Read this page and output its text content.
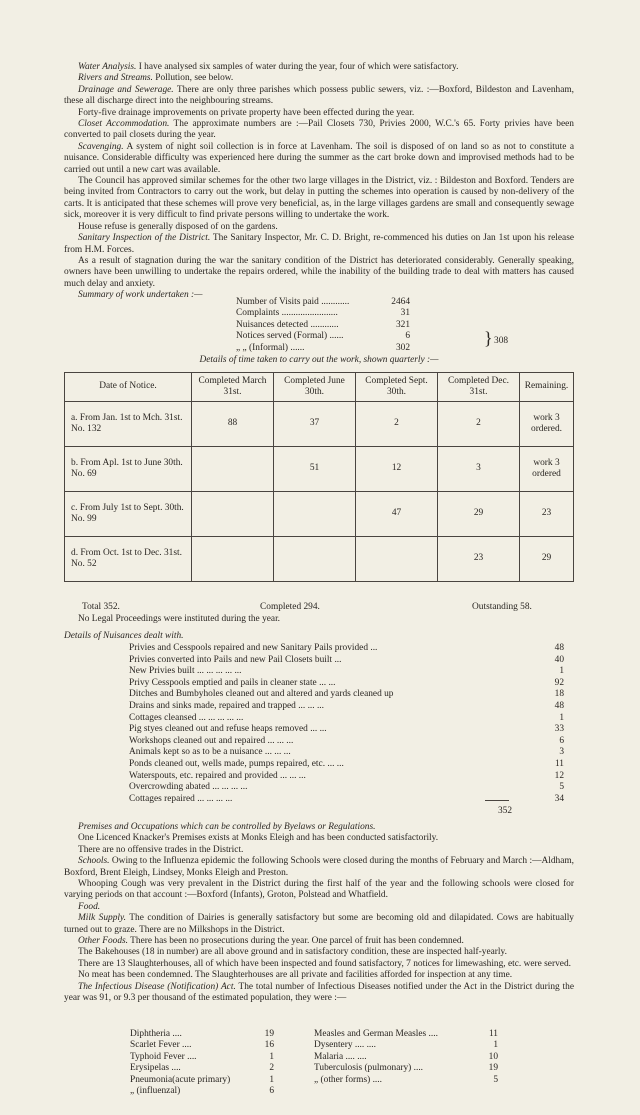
Water Analysis. I have analysed six samples of water during the year, four of which were satisfactory.

Rivers and Streams. Pollution, see below.

Drainage and Sewerage. There are only three parishes which possess public sewers, viz. :—Boxford, Bildeston and Lavenham, these all discharge direct into the neighbouring streams.

Forty-five drainage improvements on private property have been effected during the year.

Closet Accommodation. The approximate numbers are :—Pail Closets 730, Privies 2000, W.C.'s 65. Forty privies have been converted to pail closets during the year.

Scavenging. A system of night soil collection is in force at Lavenham. The soil is disposed of on land so as not to constitute a nuisance. Considerable difficulty was experienced here during the summer as the cart broke down and improvised methods had to be carried out until a new cart was available.

The Council has approved similar schemes for the other two large villages in the District, viz. : Bildeston and Boxford. Tenders are being invited from Contractors to carry out the work, but delay in putting the schemes into operation is caused by non-delivery of the carts. It is anticipated that these schemes will prove very beneficial, as, in the large villages gardens are small and consequently sewage sick, moreover it is very difficult to find private persons willing to undertake the work.

House refuse is generally disposed of on the gardens.

Sanitary Inspection of the District. The Sanitary Inspector, Mr. C. D. Bright, re-commenced his duties on Jan 1st upon his release from H.M. Forces.

As a result of stagnation during the war the sanitary condition of the District has deteriorated considerably. Generally speaking, owners have been unwilling to undertake the repairs ordered, while the inability of the building trade to deal with matters has caused much delay and anxiety.

Summary of work undertaken :—

Number of Visits paid ............	2464
Complaints ........................	31
Nuisances detected ............	321
Notices served (Formal) ......	6
„ „ (Informal) ......	302	} 308
Details of time taken to carry out the work, shown quarterly :—
Date of Notice.	Completed March 31st.	Completed June 30th.	Completed Sept. 30th.	Completed Dec. 31st.	Remaining.
a. From Jan. 1st to Mch. 31st. No. 132	88	37	2	2	work 3 ordered.
b. From Apl. 1st to June 30th. No. 69		51	12	3	work 3 ordered
c. From July 1st to Sept. 30th. No. 99			47	29	23
d. From Oct. 1st to Dec. 31st. No. 52				23	29
Total 352.	Completed 294.	Outstanding 58.

No Legal Proceedings were instituted during the year.

Details of Nuisances dealt with.
Privies and Cesspools repaired and new Sanitary Pails provided ...	48
Privies converted into Pails and new Pail Closets built ...	40
New Privies built ... ... ... ... ...	1
Privy Cesspools emptied and pails in cleaner state ... ...	92
Ditches and Bumbyholes cleaned out and altered and yards cleaned up	18
Drains and sinks made, repaired and trapped ... ... ...	48
Cottages cleansed ... ... ... ... ...	1
Pig styes cleaned out and refuse heaps removed ... ...	33
Workshops cleaned out and repaired ... ... ...	6
Animals kept so as to be a nuisance ... ... ...	3
Ponds cleaned out, wells made, pumps repaired, etc. ... ...	11
Waterspouts, etc. repaired and provided ... ... ...	12
Overcrowding abated ... ... ... ...	5
Cottages repaired ... ... ... ...	34
352

Premises and Occupations which can be controlled by Byelaws or Regulations.

One Licenced Knacker's Premises exists at Monks Eleigh and has been conducted satisfactorily.

There are no offensive trades in the District.

Schools. Owing to the Influenza epidemic the following Schools were closed during the months of February and March :—Aldham, Boxford, Brent Eleigh, Lindsey, Monks Eleigh and Preston.

Whooping Cough was very prevalent in the District during the first half of the year and the following schools were closed for varying periods on that account :—Boxford (Infants), Groton, Polstead and Whatfield.

Food.

Milk Supply. The condition of Dairies is generally satisfactory but some are becoming old and dilapidated. Cows are habitually turned out to graze. There are no Milkshops in the District.

Other Foods. There has been no prosecutions during the year. One parcel of fruit has been condemned.

The Bakehouses (18 in number) are all above ground and in satisfactory condition, these are inspected half-yearly.

There are 13 Slaughterhouses, all of which have been inspected and found satisfactory, 7 notices for limewashing, etc. were served.

No meat has been condemned. The Slaughterhouses are all private and facilities afforded for inspection at any time.

The Infectious Disease (Notification) Act. The total number of Infectious Diseases notified under the Act in the District during the year was 91, or 9.3 per thousand of the estimated population, they were :—

Diphtheria ....	19	Measles and German Measles ....	11
Scarlet Fever ....	16	Dysentery .... ....	1
Typhoid Fever ....	1	Malaria .... ....	10
Erysipelas ....	2	Tuberculosis (pulmonary) ....	19
Pneumonia(acute primary)	1	„ (other forms) ....	5
„ (influenzal)	6
